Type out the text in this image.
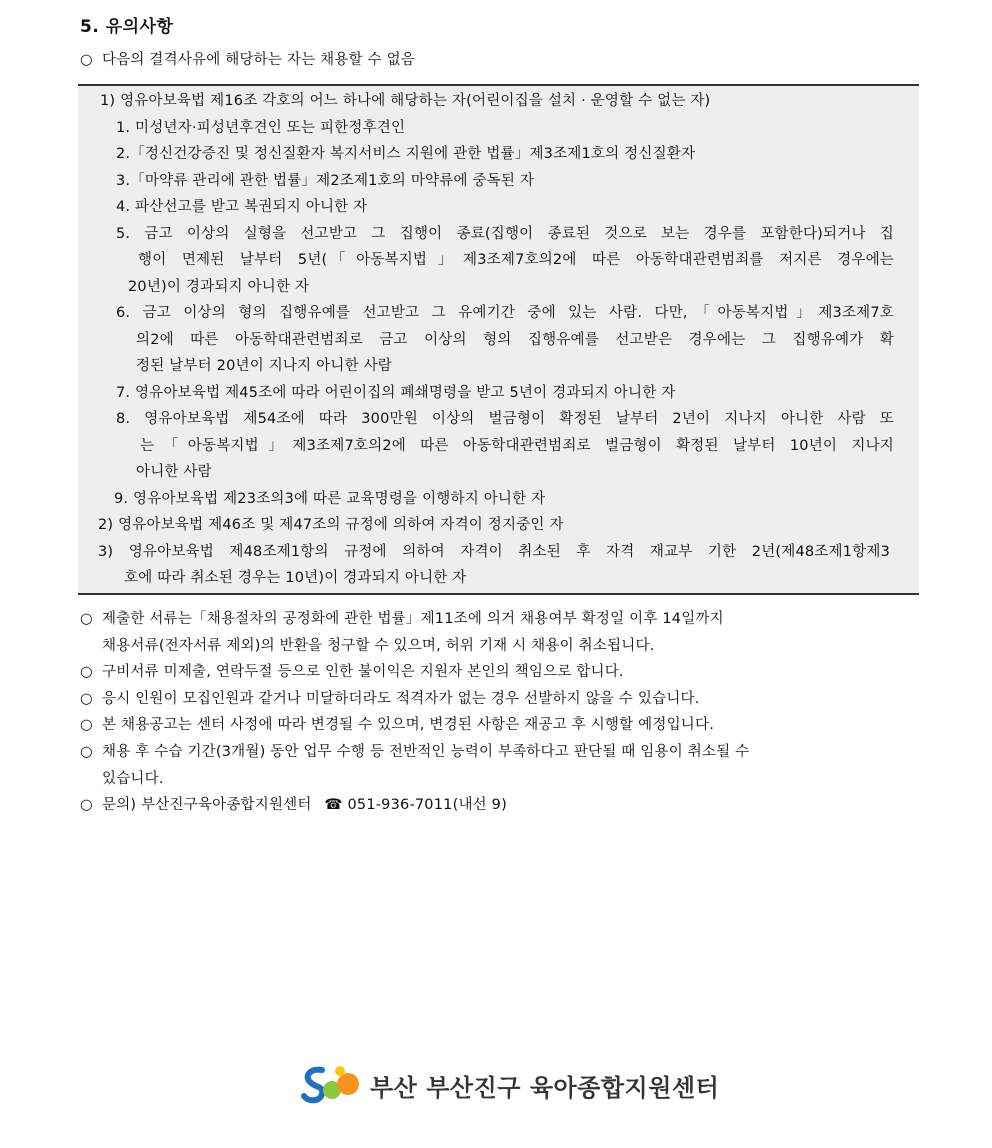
5. 유의사항
○ 다음의 결격사유에 해당하는 자는 채용할 수 없음
1) 영유아보육법 제16조 각호의 어느 하나에 해당하는 자(어린이집을 설치 · 운영할 수 없는 자)
1. 미성년자·피성년후견인 또는 피한정후견인
2.「정신건강증진 및 정신질환자 복지서비스 지원에 관한 법률」제3조제1호의 정신질환자
3.「마약류 관리에 관한 법률」제2조제1호의 마약류에 중독된 자
4. 파산선고를 받고 복권되지 아니한 자
5. 금고 이상의 실형을 선고받고 그 집행이 종료(집행이 종료된 것으로 보는 경우를 포함한다)되거나 집
행이 면제된 날부터 5년(「아동복지법」제3조제7호의2에 따른 아동학대관련범죄를 저지른 경우에는
20년)이 경과되지 아니한 자
6. 금고 이상의 형의 집행유예를 선고받고 그 유예기간 중에 있는 사람. 다만,「아동복지법」제3조제7호
의2에 따른 아동학대관련범죄로 금고 이상의 형의 집행유예를 선고받은 경우에는 그 집행유예가 확
정된 날부터 20년이 지나지 아니한 사람
7. 영유아보육법 제45조에 따라 어린이집의 폐쇄명령을 받고 5년이 경과되지 아니한 자
8. 영유아보육법 제54조에 따라 300만원 이상의 벌금형이 확정된 날부터 2년이 지나지 아니한 사람 또
는「아동복지법」제3조제7호의2에 따른 아동학대관련범죄로 벌금형이 확정된 날부터 10년이 지나지
아니한 사람
9. 영유아보육법 제23조의3에 따른 교육명령을 이행하지 아니한 자
2) 영유아보육법 제46조 및 제47조의 규정에 의하여 자격이 정지중인 자
3) 영유아보육법 제48조제1항의 규정에 의하여 자격이 취소된 후 자격 재교부 기한 2년(제48조제1항제3
호에 따라 취소된 경우는 10년)이 경과되지 아니한 자
○ 제출한 서류는「채용절차의 공정화에 관한 법률」제11조에 의거 채용여부 확정일 이후 14일까지
채용서류(전자서류 제외)의 반환을 청구할 수 있으며, 허위 기재 시 채용이 취소됩니다.
○ 구비서류 미제출, 연락두절 등으로 인한 불이익은 지원자 본인의 책임으로 합니다.
○ 응시 인원이 모집인원과 같거나 미달하더라도 적격자가 없는 경우 선발하지 않을 수 있습니다.
○ 본 채용공고는 센터 사정에 따라 변경될 수 있으며, 변경된 사항은 재공고 후 시행할 예정입니다.
○ 채용 후 수습 기간(3개월) 동안 업무 수행 등 전반적인 능력이 부족하다고 판단될 때 임용이 취소될 수
있습니다.
○ 문의) 부산진구육아종합지원센터 ☎ 051-936-7011(내선 9)
부산 부산진구 육아종합지원센터
